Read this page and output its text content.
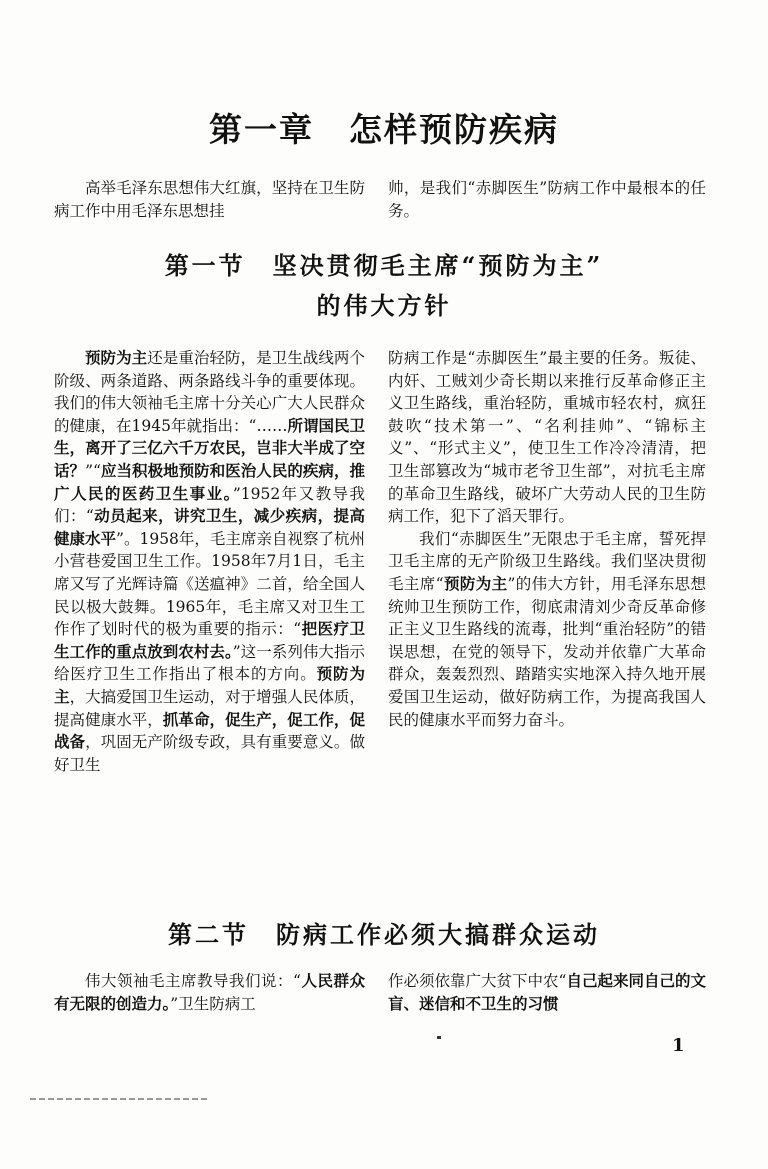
第一章　怎样预防疾病

高举毛泽东思想伟大红旗，坚持在卫生防病工作中用毛泽东思想挂

帅，是我们“赤脚医生”防病工作中最根本的任务。

第一节　坚决贯彻毛主席“预防为主”
的伟大方针

预防为主还是重治轻防，是卫生战线两个阶级、两条道路、两条路线斗争的重要体现。我们的伟大领袖毛主席十分关心广大人民群众的健康，在1945年就指出：“……所谓国民卫生，离开了三亿六千万农民，岂非大半成了空话？”“应当积极地预防和医治人民的疾病，推广人民的医药卫生事业。”1952年又教导我们：“动员起来，讲究卫生，减少疾病，提高健康水平”。1958年，毛主席亲自视察了杭州小营巷爱国卫生工作。1958年7月1日，毛主席又写了光辉诗篇《送瘟神》二首，给全国人民以极大鼓舞。1965年，毛主席又对卫生工作作了划时代的极为重要的指示：“把医疗卫生工作的重点放到农村去。”这一系列伟大指示给医疗卫生工作指出了根本的方向。预防为主，大搞爱国卫生运动，对于增强人民体质，提高健康水平，抓革命，促生产，促工作，促战备，巩固无产阶级专政，具有重要意义。做好卫生

防病工作是“赤脚医生”最主要的任务。叛徒、内奸、工贼刘少奇长期以来推行反革命修正主义卫生路线，重治轻防，重城市轻农村，疯狂鼓吹“技术第一”、“名利挂帅”、“锦标主义”、“形式主义”，使卫生工作冷冷清清，把卫生部篡改为“城市老爷卫生部”，对抗毛主席的革命卫生路线，破坏广大劳动人民的卫生防病工作，犯下了滔天罪行。

我们“赤脚医生”无限忠于毛主席，誓死捍卫毛主席的无产阶级卫生路线。我们坚决贯彻毛主席“预防为主”的伟大方针，用毛泽东思想统帅卫生预防工作，彻底肃清刘少奇反革命修正主义卫生路线的流毒，批判“重治轻防”的错误思想，在党的领导下，发动并依靠广大革命群众，轰轰烈烈、踏踏实实地深入持久地开展爱国卫生运动，做好防病工作，为提高我国人民的健康水平而努力奋斗。

第二节　防病工作必须大搞群众运动

伟大领袖毛主席教导我们说：“人民群众有无限的创造力。”卫生防病工

作必须依靠广大贫下中农“自己起来同自己的文盲、迷信和不卫生的习惯

1
